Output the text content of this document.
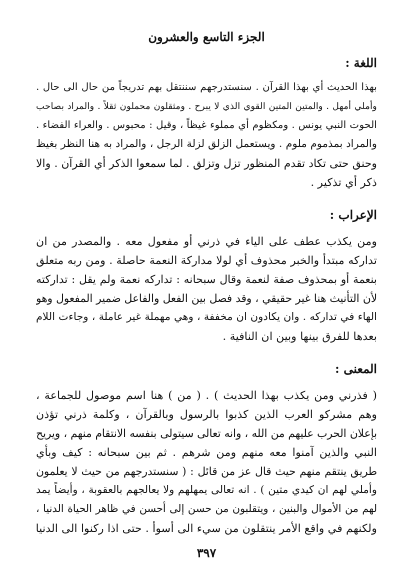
الجزء التاسع والعشرون
اللغة :
بهذا الحديث أي بهذا القرآن . سنستدرجهم سننتقل بهم تدريجاً من حال الى حال .
وأملي أمهل . والمتين المتين القوي الذي لا يبرح . ومثقلون محملون ثقلاً . والمراد بصاحب
الحوت النبي يونس . ومكظوم أي مملوء غيظاً ، وقيل : محبوس . والعراء الفضاء .
والمراد بمذموم ملوم . ويستعمل الزلق لزلة الرجل ، والمراد به هنا النظر بغيظ
وحنق حتى تكاد تقدم المنظور تزل وتزلق . لما سمعوا الذكر أي القرآن . والا
ذكر أي تذكير .
الإعراب :
ومن يكذب عطف على الياء في ذرني أو مفعول معه . والمصدر من ان
تداركه مبتدأ والخبر محذوف أي لولا مداركة النعمة حاصلة . ومن ربه متعلق
بنعمة أو بمحذوف صفة لنعمة وقال سبحانه : تداركه نعمة ولم يقل : تداركته
لأن التأنيث هنا غير حقيقي ، وقد فصل بين الفعل والفاعل ضمير المفعول وهو
الهاء في تداركه . وان يكادون ان مخففة ، وهي مهملة غير عاملة ، وجاءت اللام
بعدها للفرق بينها وبين ان النافية .
المعنى :
( فذرني ومن يكذب بهذا الحديث ) . ( من ) هنا اسم موصول للجماعة ،
وهم مشركو العرب الذين كذبوا بالرسول وبالقرآن ، وكلمة ذرني تؤذن
بإعلان الحرب عليهم من الله ، وانه تعالى سيتولى بنفسه الانتقام منهم ، ويريح
النبي والذين آمنوا معه منهم ومن شرهم . ثم بين سبحانه : كيف وبأي
طريق ينتقم منهم حيث قال عز من قائل : ( سنستدرجهم من حيث لا يعلمون
وأملي لهم ان كيدي متين ) . انه تعالى يمهلهم ولا يعالجهم بالعقوبة ، وأيضاً يمد
لهم من الأموال والبنين ، ويتقلبون من حسن إلى أحسن في ظاهر الحياة الدنيا ،
ولكنهم في واقع الأمر ينتقلون من سيء الى أسوأ . حتى اذا ركنوا الى الدنيا
٣٩٧
